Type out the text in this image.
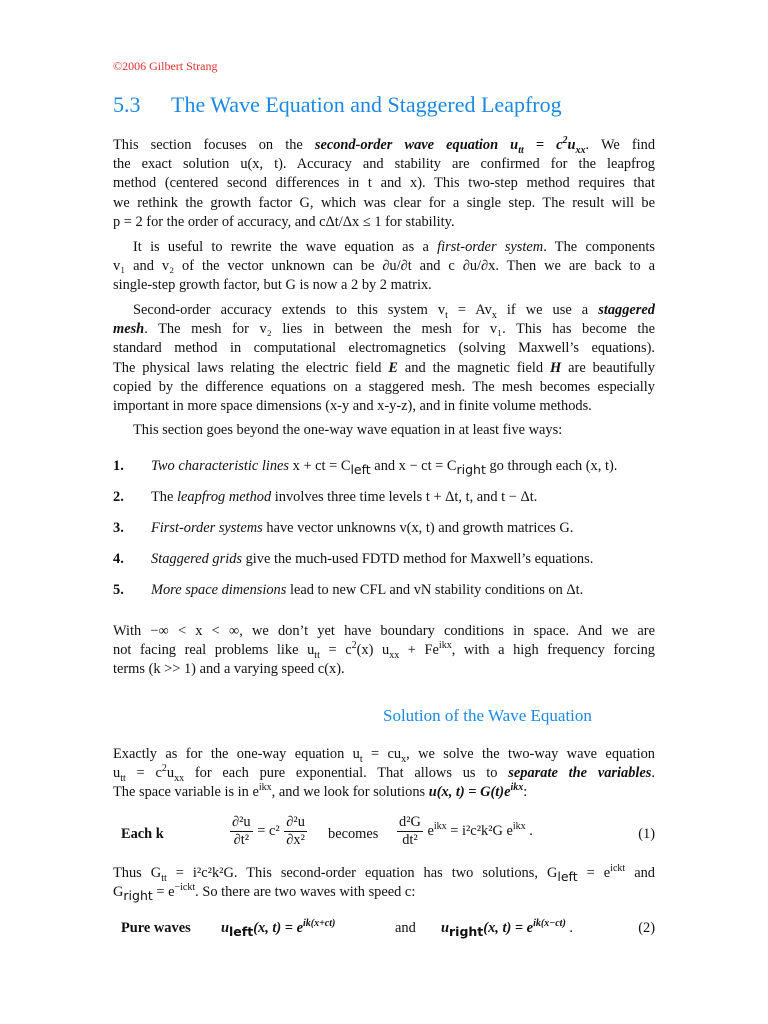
©2006 Gilbert Strang
5.3 The Wave Equation and Staggered Leapfrog
This section focuses on the second-order wave equation $u_{tt} = c^2u_{xx}$. We find
the exact solution u(x, t). Accuracy and stability are confirmed for the leapfrog
method (centered second differences in t and x). This two-step method requires that
we rethink the growth factor G, which was clear for a single step. The result will be
p = 2 for the order of accuracy, and cΔt/Δx ≤ 1 for stability.
It is useful to rewrite the wave equation as a first-order system. The components
v₁ and v₂ of the vector unknown can be ∂u/∂t and c ∂u/∂x. Then we are back to a
single-step growth factor, but G is now a 2 by 2 matrix.
Second-order accuracy extends to this system $v_t = Av_x$ if we use a staggered
mesh. The mesh for v₂ lies in between the mesh for v₁. This has become the
standard method in computational electromagnetics (solving Maxwell’s equations).
The physical laws relating the electric field E and the magnetic field H are beautifully
copied by the difference equations on a staggered mesh. The mesh becomes especially
important in more space dimensions (x-y and x-y-z), and in finite volume methods.
This section goes beyond the one-way wave equation in at least five ways:
1. Two characteristic lines x + ct = $C_{left}$ and x − ct = $C_{right}$ go through each (x, t).
2. The leapfrog method involves three time levels t + Δt, t, and t − Δt.
3. First-order systems have vector unknowns v(x, t) and growth matrices G.
4. Staggered grids give the much-used FDTD method for Maxwell’s equations.
5. More space dimensions lead to new CFL and vN stability conditions on Δt.
With −∞ < x < ∞, we don’t yet have boundary conditions in space. And we are
not facing real problems like $u_{tt} = c^2(x) u_{xx} + Fe^{ikx}$, with a high frequency forcing
terms (k >> 1) and a varying speed c(x).
Solution of the Wave Equation
Exactly as for the one-way equation $u_t = cu_x$, we solve the two-way wave equation
$u_{tt} = c^2u_{xx}$ for each pure exponential. That allows us to separate the variables.
The space variable is in $e^{ikx}$, and we look for solutions u(x, $t) = G(t)e^{ikx}$:
Each k	$\frac{\text{∂²u}}{\text{∂t²}} = c^2 \frac{\text{∂²u}}{\text{∂x²}}$ becomes $\frac{\text{d²G}}{\text{dt²}} e^{ikx} = i^2c^2k^2G$ $e^{ikx}$ .	(1)
Thus $G_{tt} = i^2c^2k^2G$. This second-order equation has two solutions, $G_{left} = e^{ickt}$ and
$G_{right} = e^{-ickt}$. So there are two waves with speed c:
Pure waves $u_{left}(x$, $t) = e^{ik(x+ct)}$	and $u_{right}(x$, $t) = e^{ik(x-ct)}$ .	(2)
